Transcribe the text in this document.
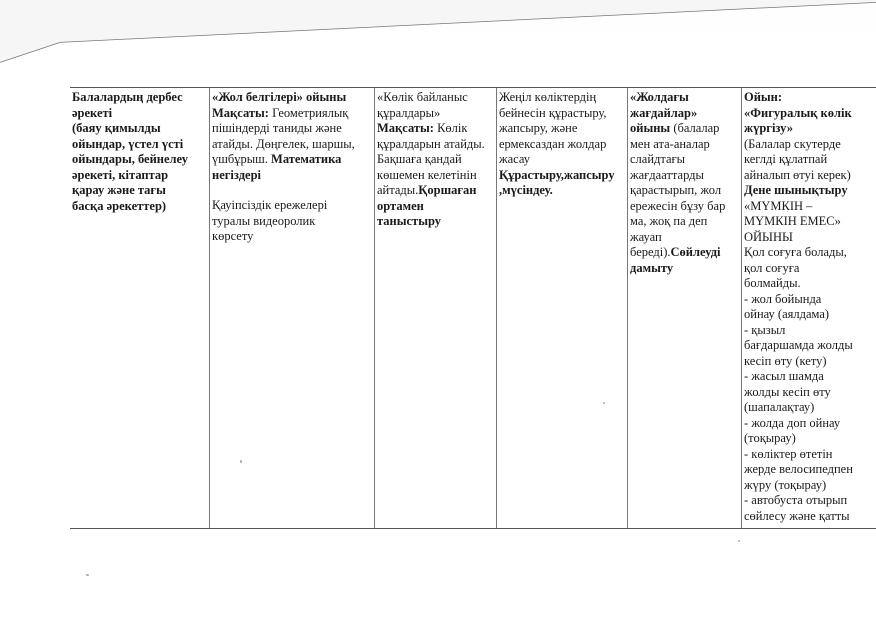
Балалардың дербес
әрекеті
(баяу қимылды
ойындар, үстел үсті
ойындары, бейнелеу
әрекеті, кітаптар
қарау және тағы
басқа әрекеттер)
«Жол белгілері» ойыны
Мақсаты: Геометриялық
пішіндерді таниды және
атайды. Дөңгелек, шаршы,
үшбұрыш. Математика
негіздері
Қауіпсіздік ережелері
туралы видеоролик
көрсету
«Көлік байланыс
құралдары»
Мақсаты: Көлік
құралдарын атайды.
Бақшаға қандай
көшемен келетінін
айтады.Қоршаған
ортамен
таныстыру
Жеңіл көліктердің
бейнесін құрастыру,
жапсыру, және
ермексаздан жолдар
жасау
Құрастыру,жапсыру
,мүсіндеу.
«Жолдағы
жағдайлар»
ойыны (балалар
мен ата-аналар
слайдтағы
жағдааттарды
қарастырып, жол
ережесін бұзу бар
ма, жоқ па деп
жауап
береді).Сөйлеуді
дамыту
Ойын:
«Фигуралық көлік
жүргізу»
(Балалар скутерде
кеглдi құлатпай
айналып өтуі керек)
Дене шынықтыру
«МҮМКІН –
МҮМКІН ЕМЕС»
ОЙЫНЫ
Қол соғуға болады,
қол соғуға
болмайды.
- жол бойында
ойнау (аялдама)
- қызыл
бағдаршамда жолды
кесіп өту (кету)
- жасыл шамда
жолды кесіп өту
(шапалақтау)
- жолда доп ойнау
(тоқырау)
- көліктер өтетін
жерде велосипедпен
жүру (тоқырау)
- автобуста отырып
сөйлесу және қатты
